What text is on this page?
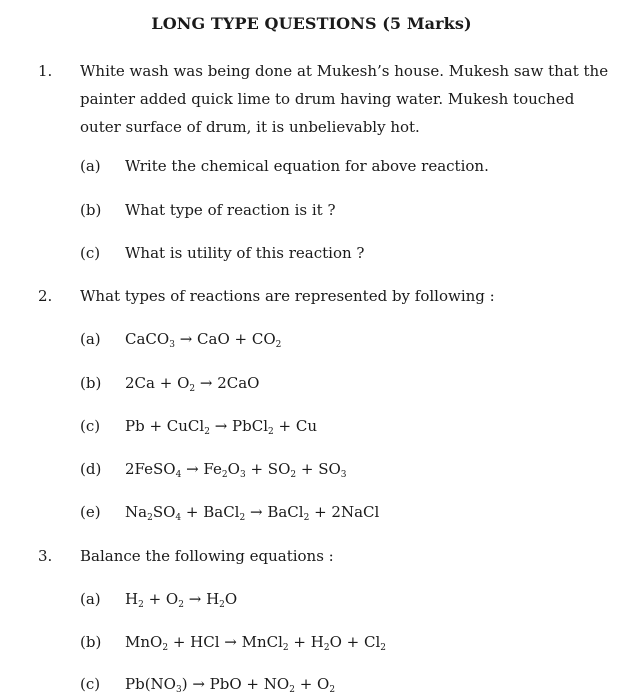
LONG TYPE QUESTIONS (5 Marks)
1. White wash was being done at Mukesh’s house. Mukesh saw that the painter added quick lime to drum having water. Mukesh touched outer surface of drum, it is unbelievably hot.
(a) Write the chemical equation for above reaction.
(b) What type of reaction is it ?
(c) What is utility of this reaction ?
2. What types of reactions are represented by following :
(a) CaCO$_3$ → CaO + $CO_2$
(b) $2Ca + O_2 \to 2CaO$
(c) Pb + CuCl$_2$ → PbCl$_2$ + Cu
(d) 2FeSO$_4$ → $Fe_2O_3 + SO_2 + SO_3$
(e) $Na_2SO_4$ + BaCl$_2$ → BaCl$_2$ + 2NaCl
3. Balance the following equations :
(a) $H_2 + O_2 \to H_2O$
(b) MnO$_2$ + HCl → MnCl$_2$ + $H_2O + Cl_2$
(c) $Pb(NO_3)$ → PbO + $NO_2 + O_2$
